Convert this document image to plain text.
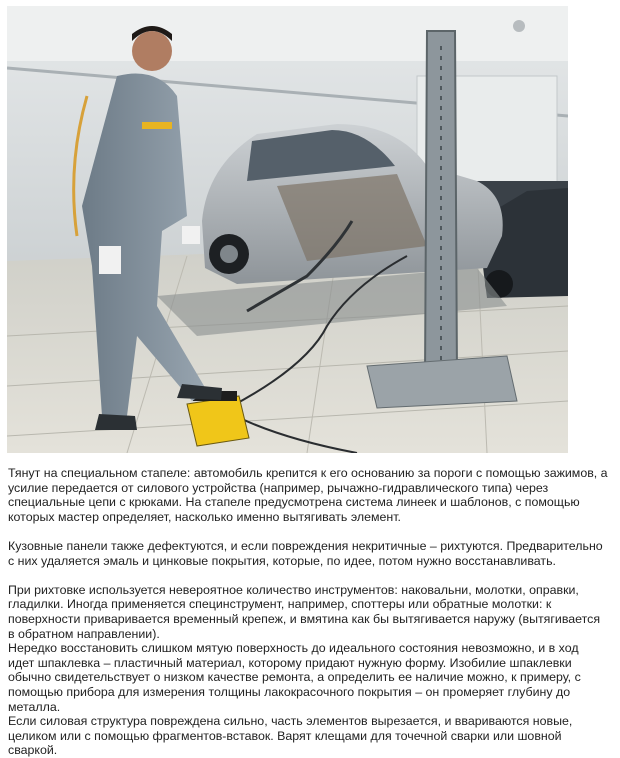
Тянут на специальном стапеле: автомобиль крепится к его основанию за пороги с помощью зажимов, а усилие передается от силового устройства (например, рычажно-гидравлического типа) через специальные цепи с крюками. На стапеле предусмотрена система линеек и шаблонов, с помощью которых мастер определяет, насколько именно вытягивать элемент.

Кузовные панели также дефектуются, и если повреждения некритичные – рихтуются. Предварительно с них удаляется эмаль и цинковые покрытия, которые, по идее, потом нужно восстанавливать.

При рихтовке используется невероятное количество инструментов: наковальни, молотки, оправки, гладилки. Иногда применяется специнструмент, например, споттеры или обратные молотки: к поверхности приваривается временный крепеж, и вмятина как бы вытягивается наружу (вытягивается в обратном направлении).

Нередко восстановить слишком мятую поверхность до идеального состояния невозможно, и в ход идет шпаклевка – пластичный материал, которому придают нужную форму. Изобилие шпаклевки обычно свидетельствует о низком качестве ремонта, а определить ее наличие можно, к примеру, с помощью прибора для измерения толщины лакокрасочного покрытия – он промеряет глубину до металла.

Если силовая структура повреждена сильно, часть элементов вырезается, и ввариваются новые, целиком или с помощью фрагментов-вставок. Варят клещами для точечной сварки или шовной сваркой.
